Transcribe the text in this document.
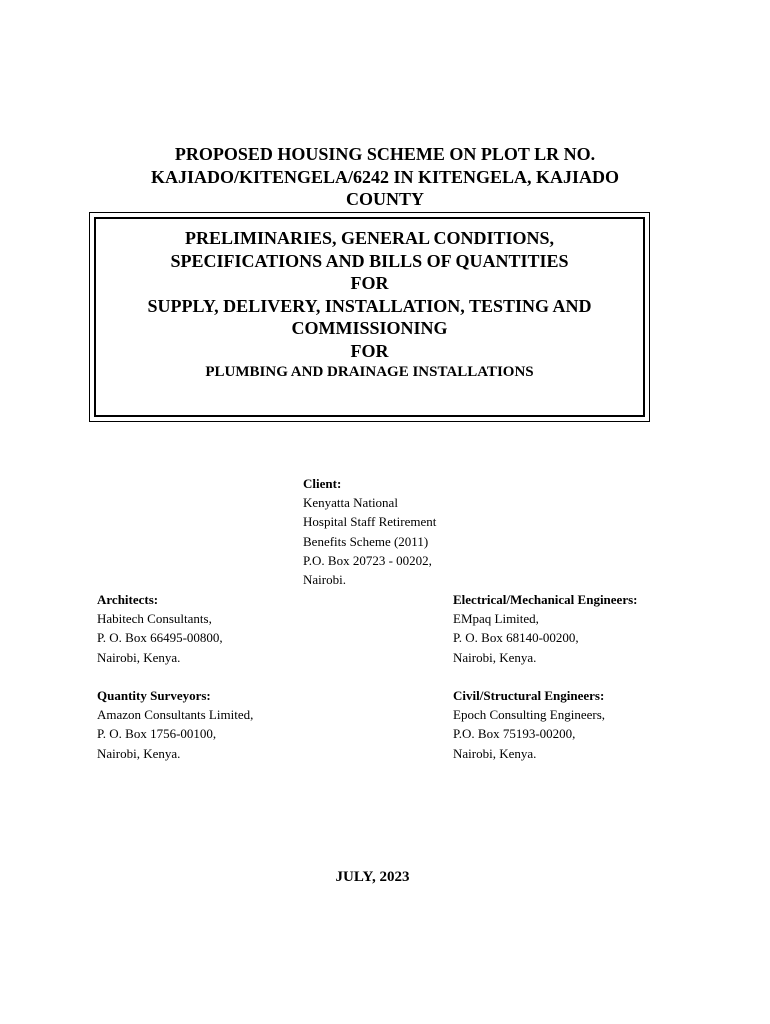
PROPOSED HOUSING SCHEME ON PLOT LR NO.
KAJIADO/KITENGELA/6242 IN KITENGELA, KAJIADO
COUNTY
PRELIMINARIES, GENERAL CONDITIONS,
SPECIFICATIONS AND BILLS OF QUANTITIES
FOR
SUPPLY, DELIVERY, INSTALLATION, TESTING AND
COMMISSIONING
FOR
PLUMBING AND DRAINAGE INSTALLATIONS
Client:
Kenyatta National
Hospital Staff Retirement
Benefits Scheme (2011)
P.O. Box 20723 - 00202,
Nairobi.
Architects:
Habitech Consultants,
P. O. Box 66495-00800,
Nairobi, Kenya.
Electrical/Mechanical Engineers:
EMpaq Limited,
P. O. Box 68140-00200,
Nairobi, Kenya.
Quantity Surveyors:
Amazon Consultants Limited,
P. O. Box 1756-00100,
Nairobi, Kenya.
Civil/Structural Engineers:
Epoch Consulting Engineers,
P.O. Box 75193-00200,
Nairobi, Kenya.
JULY, 2023
